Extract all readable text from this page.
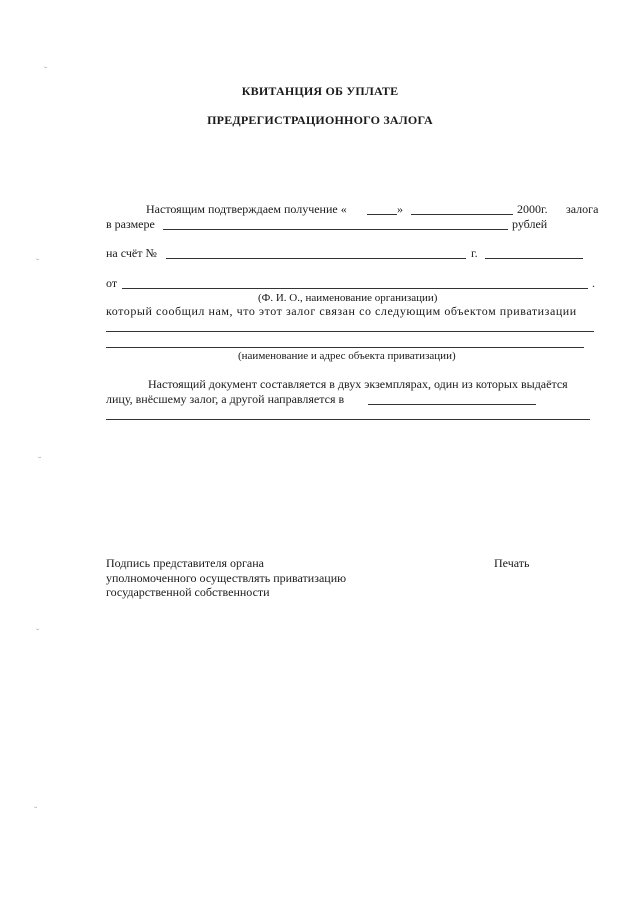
КВИТАНЦИЯ ОБ УПЛАТЕ
ПРЕДРЕГИСТРАЦИОННОГО ЗАЛОГА
Настоящим подтверждаем получение «	»	2000г. залога
в размере	рублей
на счёт №	г.
от	.
(Ф. И. О., наименование организации)
который сообщил нам, что этот залог связан со следующим объектом приватизации
(наименование и адрес объекта приватизации)
Настоящий документ составляется в двух экземплярах, один из которых выдаётся
лицу, внёсшему залог, а другой направляется в
Подпись представителя органа
уполномоченного осуществлять приватизацию
государственной собственности
Печать
˘
˘
˘
˘
˘
